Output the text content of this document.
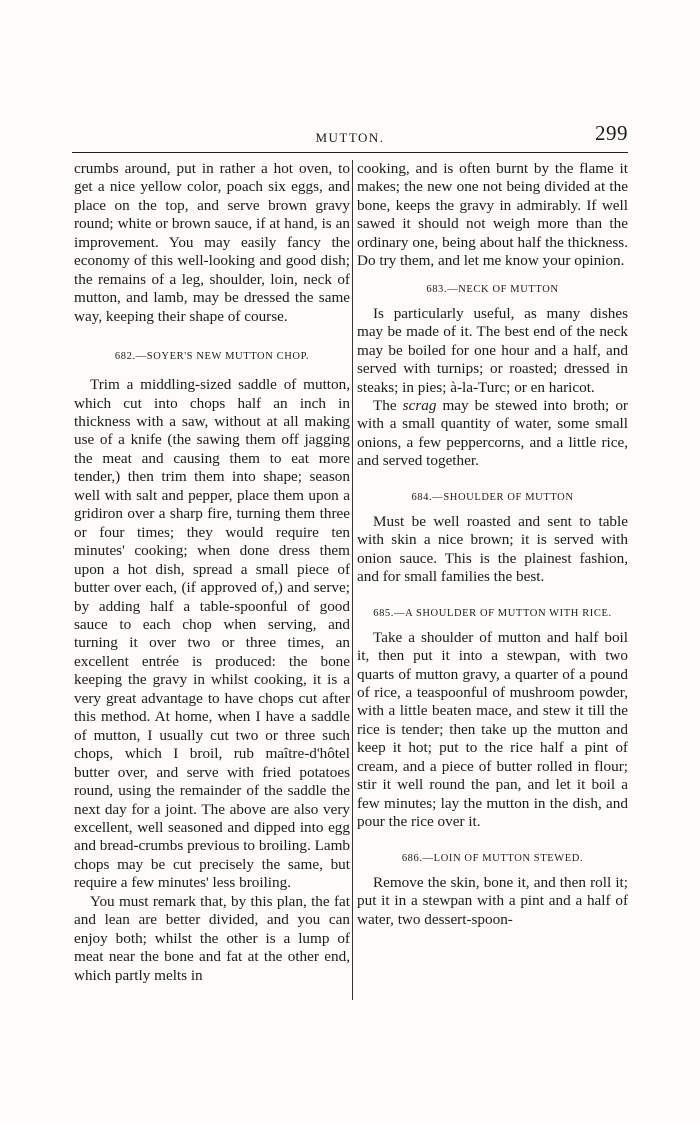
MUTTON.	299

crumbs around, put in rather a hot oven, to get a nice yellow color, poach six eggs, and place on the top, and serve brown gravy round; white or brown sauce, if at hand, is an improvement. You may easily fancy the economy of this well-looking and good dish; the remains of a leg, shoulder, loin, neck of mutton, and lamb, may be dressed the same way, keeping their shape of course.

682.—SOYER'S NEW MUTTON CHOP.

Trim a middling-sized saddle of mutton, which cut into chops half an inch in thickness with a saw, without at all making use of a knife (the sawing them off jagging the meat and causing them to eat more tender,) then trim them into shape; season well with salt and pepper, place them upon a gridiron over a sharp fire, turning them three or four times; they would require ten minutes' cooking; when done dress them upon a hot dish, spread a small piece of butter over each, (if approved of,) and serve; by adding half a table-spoonful of good sauce to each chop when serving, and turning it over two or three times, an excellent entrée is produced: the bone keeping the gravy in whilst cooking, it is a very great advantage to have chops cut after this method. At home, when I have a saddle of mutton, I usually cut two or three such chops, which I broil, rub maître-d'hôtel butter over, and serve with fried potatoes round, using the remainder of the saddle the next day for a joint. The above are also very excellent, well seasoned and dipped into egg and bread-crumbs previous to broiling. Lamb chops may be cut precisely the same, but require a few minutes' less broiling.

You must remark that, by this plan, the fat and lean are better divided, and you can enjoy both; whilst the other is a lump of meat near the bone and fat at the other end, which partly melts in

cooking, and is often burnt by the flame it makes; the new one not being divided at the bone, keeps the gravy in admirably. If well sawed it should not weigh more than the ordinary one, being about half the thickness. Do try them, and let me know your opinion.

683.—NECK OF MUTTON

Is particularly useful, as many dishes may be made of it. The best end of the neck may be boiled for one hour and a half, and served with turnips; or roasted; dressed in steaks; in pies; à-la-Turc; or en haricot.

The scrag may be stewed into broth; or with a small quantity of water, some small onions, a few peppercorns, and a little rice, and served together.

684.—SHOULDER OF MUTTON

Must be well roasted and sent to table with skin a nice brown; it is served with onion sauce. This is the plainest fashion, and for small families the best.

685.—A SHOULDER OF MUTTON WITH RICE.

Take a shoulder of mutton and half boil it, then put it into a stewpan, with two quarts of mutton gravy, a quarter of a pound of rice, a teaspoonful of mushroom powder, with a little beaten mace, and stew it till the rice is tender; then take up the mutton and keep it hot; put to the rice half a pint of cream, and a piece of butter rolled in flour; stir it well round the pan, and let it boil a few minutes; lay the mutton in the dish, and pour the rice over it.

686.—LOIN OF MUTTON STEWED.

Remove the skin, bone it, and then roll it; put it in a stewpan with a pint and a half of water, two dessert-spoon-
